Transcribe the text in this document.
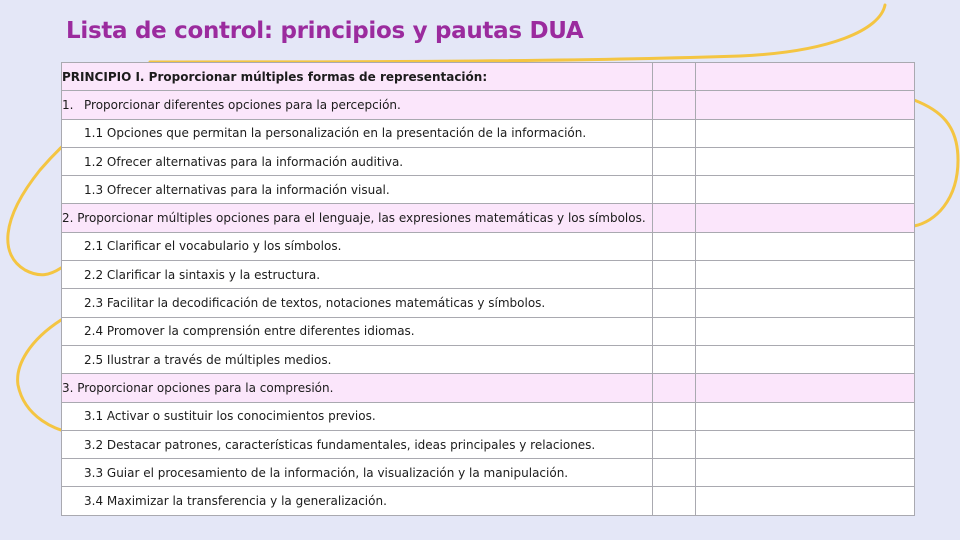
Lista de control: principios y pautas DUA
PRINCIPIO I. Proporcionar múltiples formas de representación:		
1. Proporcionar diferentes opciones para la percepción.		
1.1 Opciones que permitan la personalización en la presentación de la información.		
1.2 Ofrecer alternativas para la información auditiva.		
1.3 Ofrecer alternativas para la información visual.		
2. Proporcionar múltiples opciones para el lenguaje, las expresiones matemáticas y los símbolos.		
2.1 Clarificar el vocabulario y los símbolos.		
2.2 Clarificar la sintaxis y la estructura.		
2.3 Facilitar la decodificación de textos, notaciones matemáticas y símbolos.		
2.4 Promover la comprensión entre diferentes idiomas.		
2.5 Ilustrar a través de múltiples medios.		
3. Proporcionar opciones para la compresión.		
3.1 Activar o sustituir los conocimientos previos.		
3.2 Destacar patrones, características fundamentales, ideas principales y relaciones.		
3.3 Guiar el procesamiento de la información, la visualización y la manipulación.		
3.4 Maximizar la transferencia y la generalización.		
